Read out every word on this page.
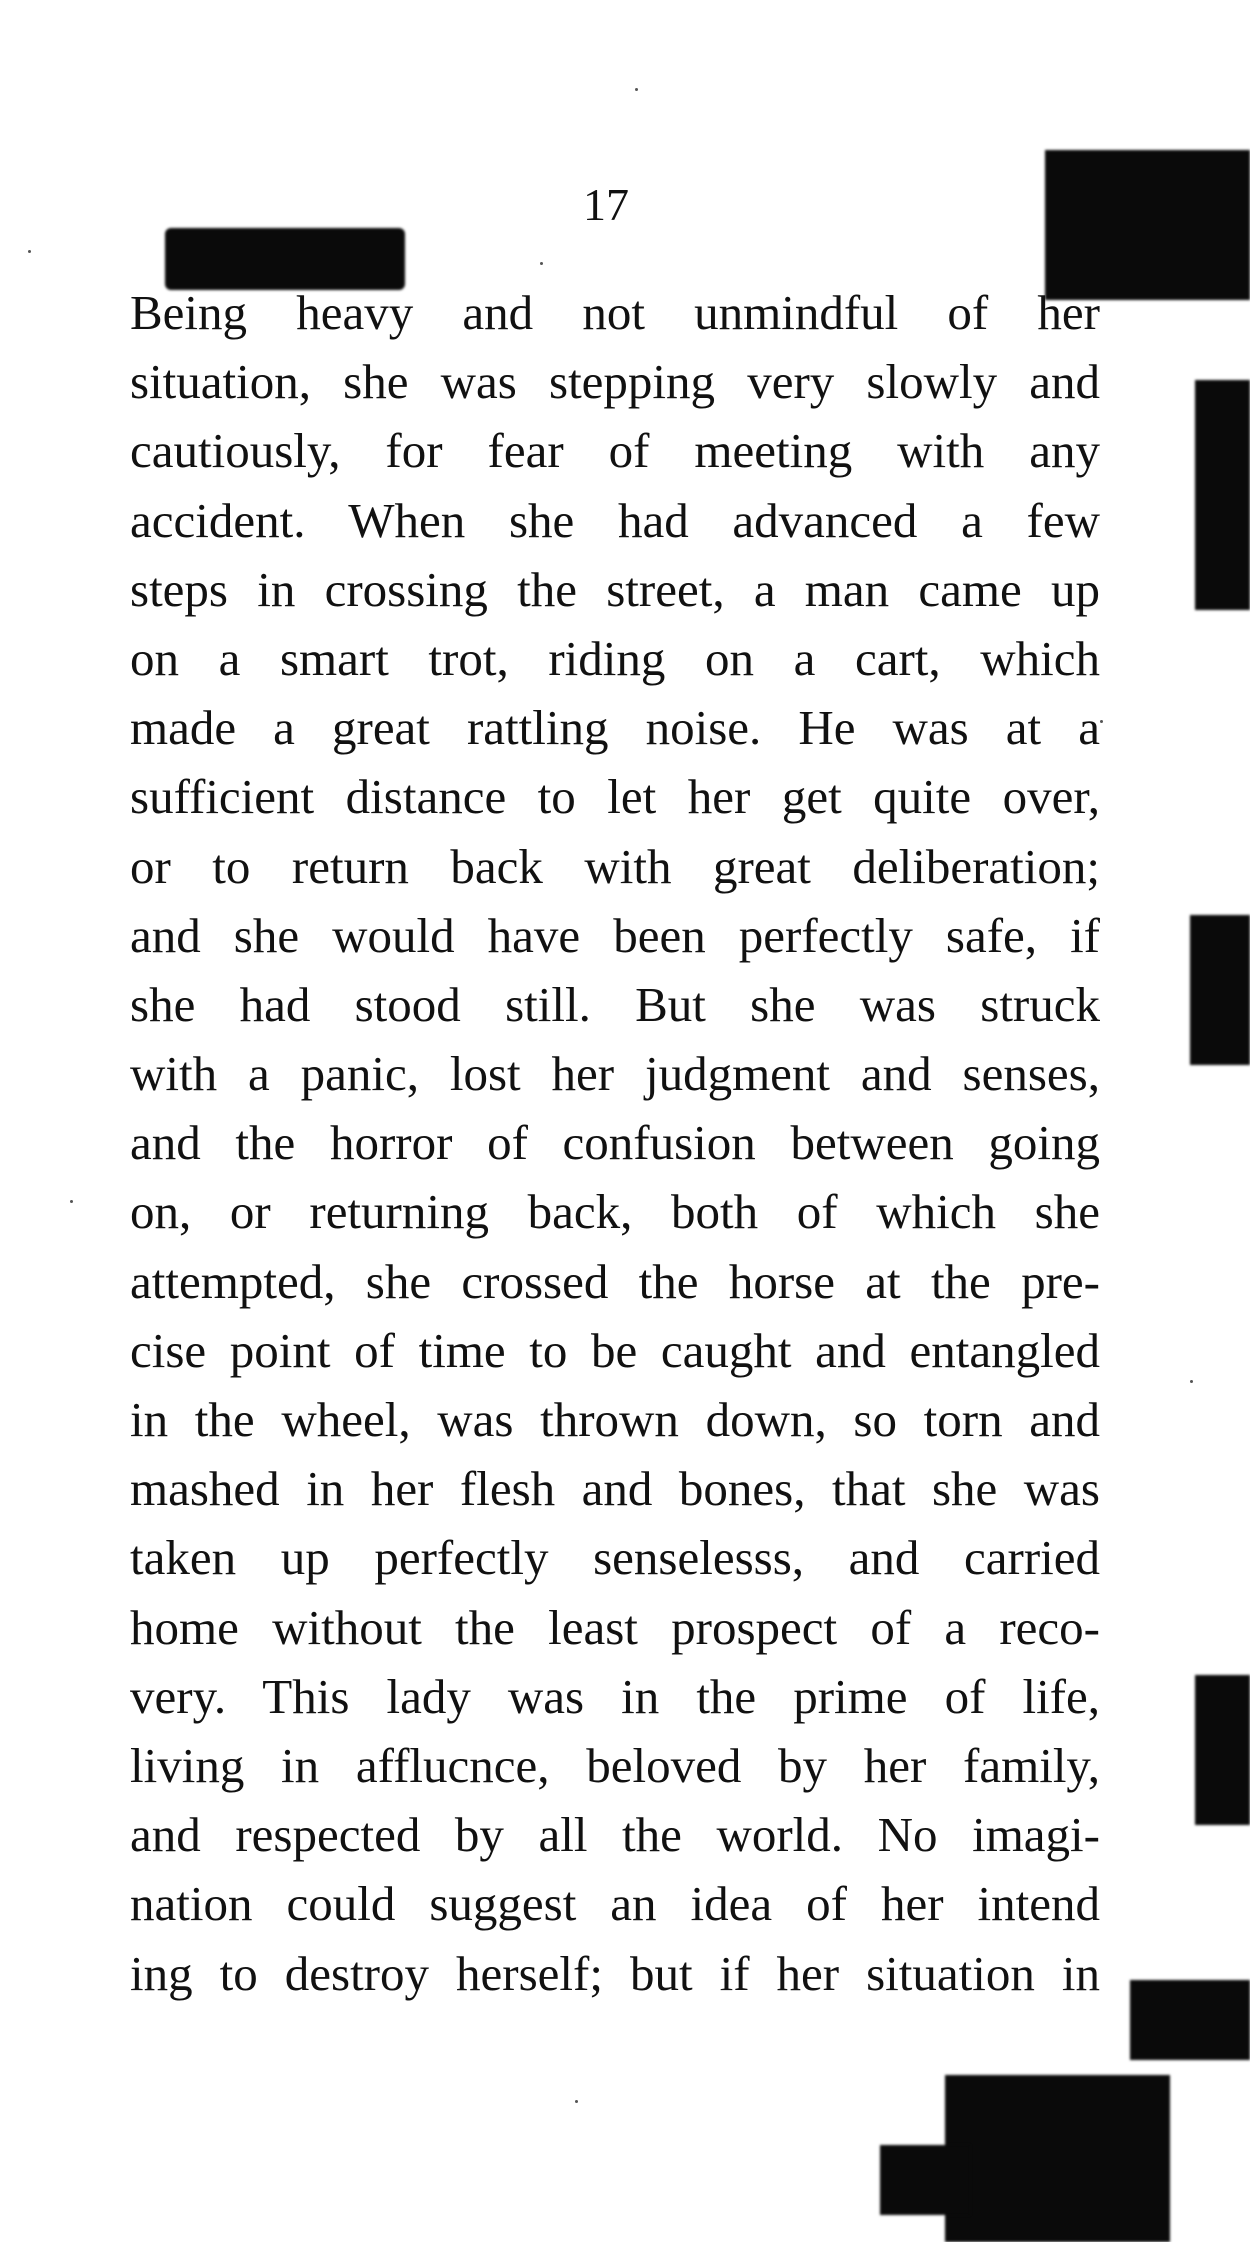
17
Being heavy and not unmindful of her
situation, she was stepping very slowly and
cautiously, for fear of meeting with any
accident. When she had advanced a few
steps in crossing the street, a man came up
on a smart trot, riding on a cart, which
made a great rattling noise. He was at a
sufficient distance to let her get quite over,
or to return back with great deliberation;
and she would have been perfectly safe, if
she had stood still. But she was struck
with a panic, lost her judgment and senses,
and the horror of confusion between going
on, or returning back, both of which she
attempted, she crossed the horse at the pre-
cise point of time to be caught and entangled
in the wheel, was thrown down, so torn and
mashed in her flesh and bones, that she was
taken up perfectly senselesss, and carried
home without the least prospect of a reco-
very. This lady was in the prime of life,
living in afflucnce, beloved by her family,
and respected by all the world. No imagi-
nation could suggest an idea of her intend
ing to destroy herself; but if her situation in
